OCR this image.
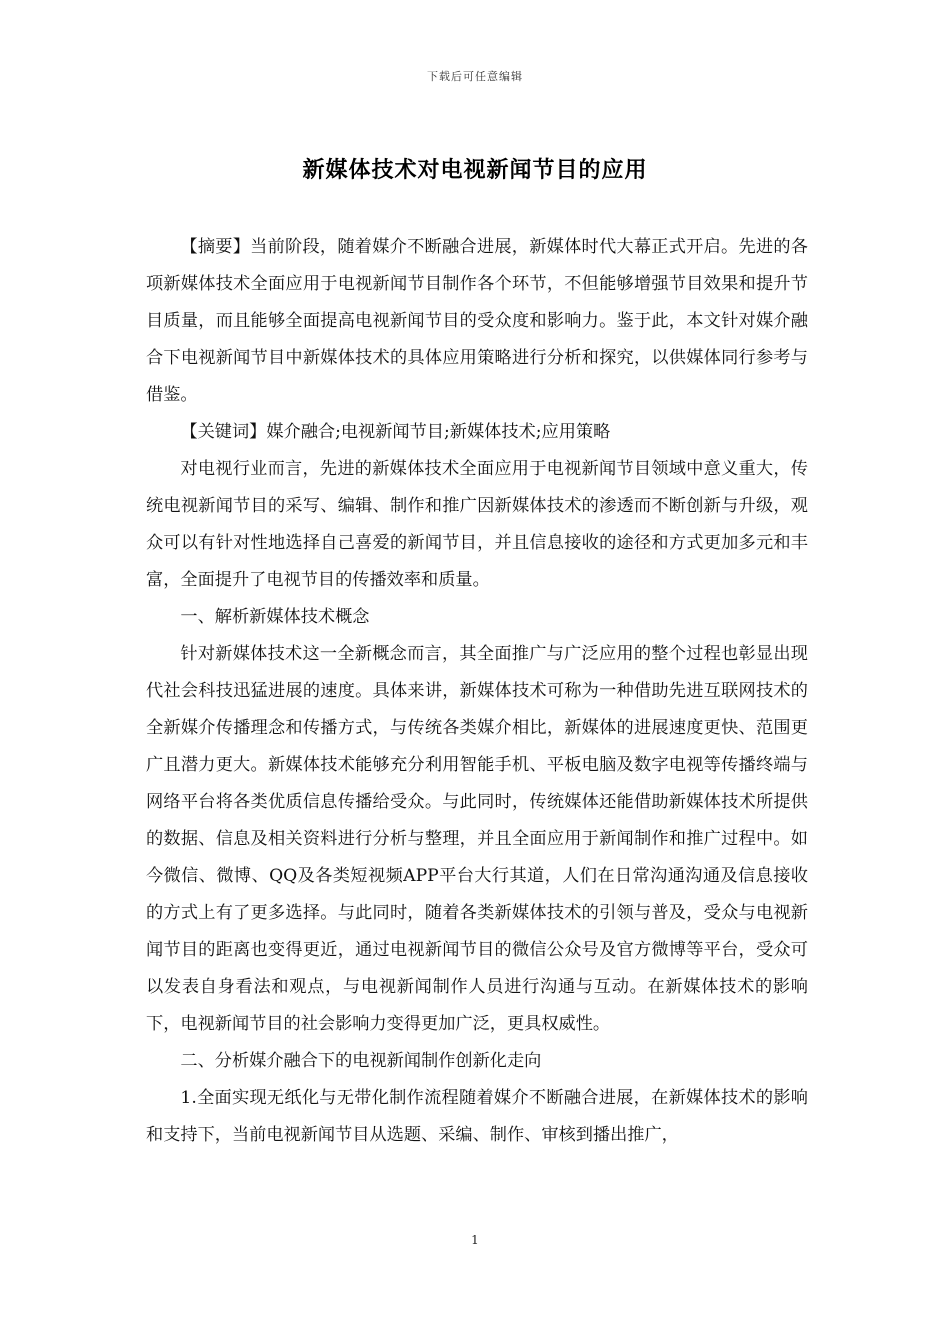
下载后可任意编辑
新媒体技术对电视新闻节目的应用

【摘要】当前阶段，随着媒介不断融合进展，新媒体时代大幕正式开启。先进的各项新媒体技术全面应用于电视新闻节目制作各个环节，不但能够增强节目效果和提升节目质量，而且能够全面提高电视新闻节目的受众度和影响力。鉴于此，本文针对媒介融合下电视新闻节目中新媒体技术的具体应用策略进行分析和探究，以供媒体同行参考与借鉴。

【关键词】媒介融合;电视新闻节目;新媒体技术;应用策略

对电视行业而言，先进的新媒体技术全面应用于电视新闻节目领域中意义重大，传统电视新闻节目的采写、编辑、制作和推广因新媒体技术的渗透而不断创新与升级，观众可以有针对性地选择自己喜爱的新闻节目，并且信息接收的途径和方式更加多元和丰富，全面提升了电视节目的传播效率和质量。

一、解析新媒体技术概念

针对新媒体技术这一全新概念而言，其全面推广与广泛应用的整个过程也彰显出现代社会科技迅猛进展的速度。具体来讲，新媒体技术可称为一种借助先进互联网技术的全新媒介传播理念和传播方式，与传统各类媒介相比，新媒体的进展速度更快、范围更广且潜力更大。新媒体技术能够充分利用智能手机、平板电脑及数字电视等传播终端与网络平台将各类优质信息传播给受众。与此同时，传统媒体还能借助新媒体技术所提供的数据、信息及相关资料进行分析与整理，并且全面应用于新闻制作和推广过程中。如今微信、微博、QQ及各类短视频APP平台大行其道，人们在日常沟通沟通及信息接收的方式上有了更多选择。与此同时，随着各类新媒体技术的引领与普及，受众与电视新闻节目的距离也变得更近，通过电视新闻节目的微信公众号及官方微博等平台，受众可以发表自身看法和观点，与电视新闻制作人员进行沟通与互动。在新媒体技术的影响下，电视新闻节目的社会影响力变得更加广泛，更具权威性。

二、分析媒介融合下的电视新闻制作创新化走向

1.全面实现无纸化与无带化制作流程随着媒介不断融合进展，在新媒体技术的影响和支持下，当前电视新闻节目从选题、采编、制作、审核到播出推广，

1
